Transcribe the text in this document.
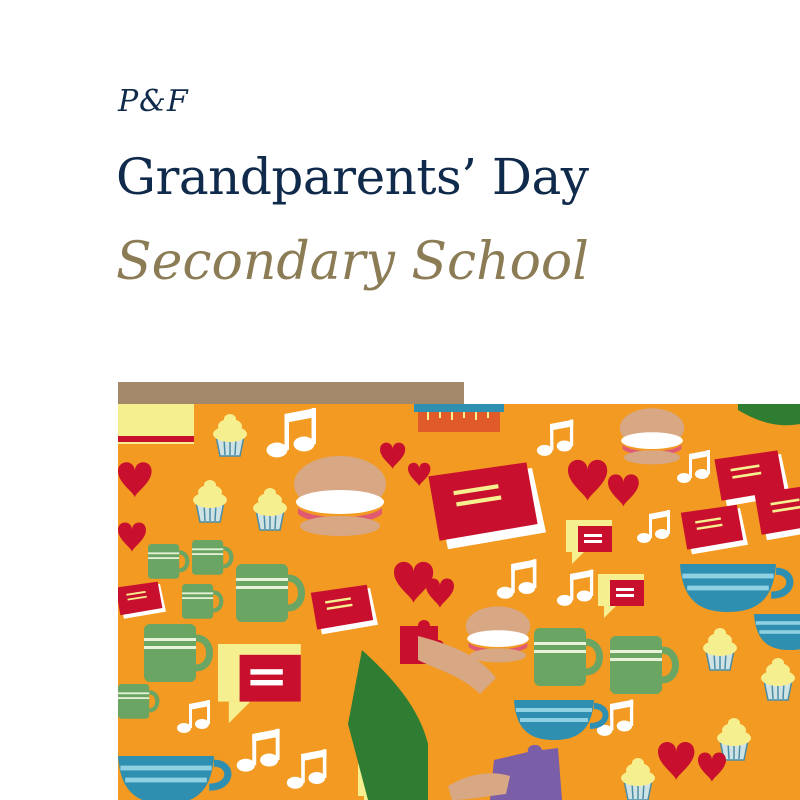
P&F
Grandparents’ Day
Secondary School
